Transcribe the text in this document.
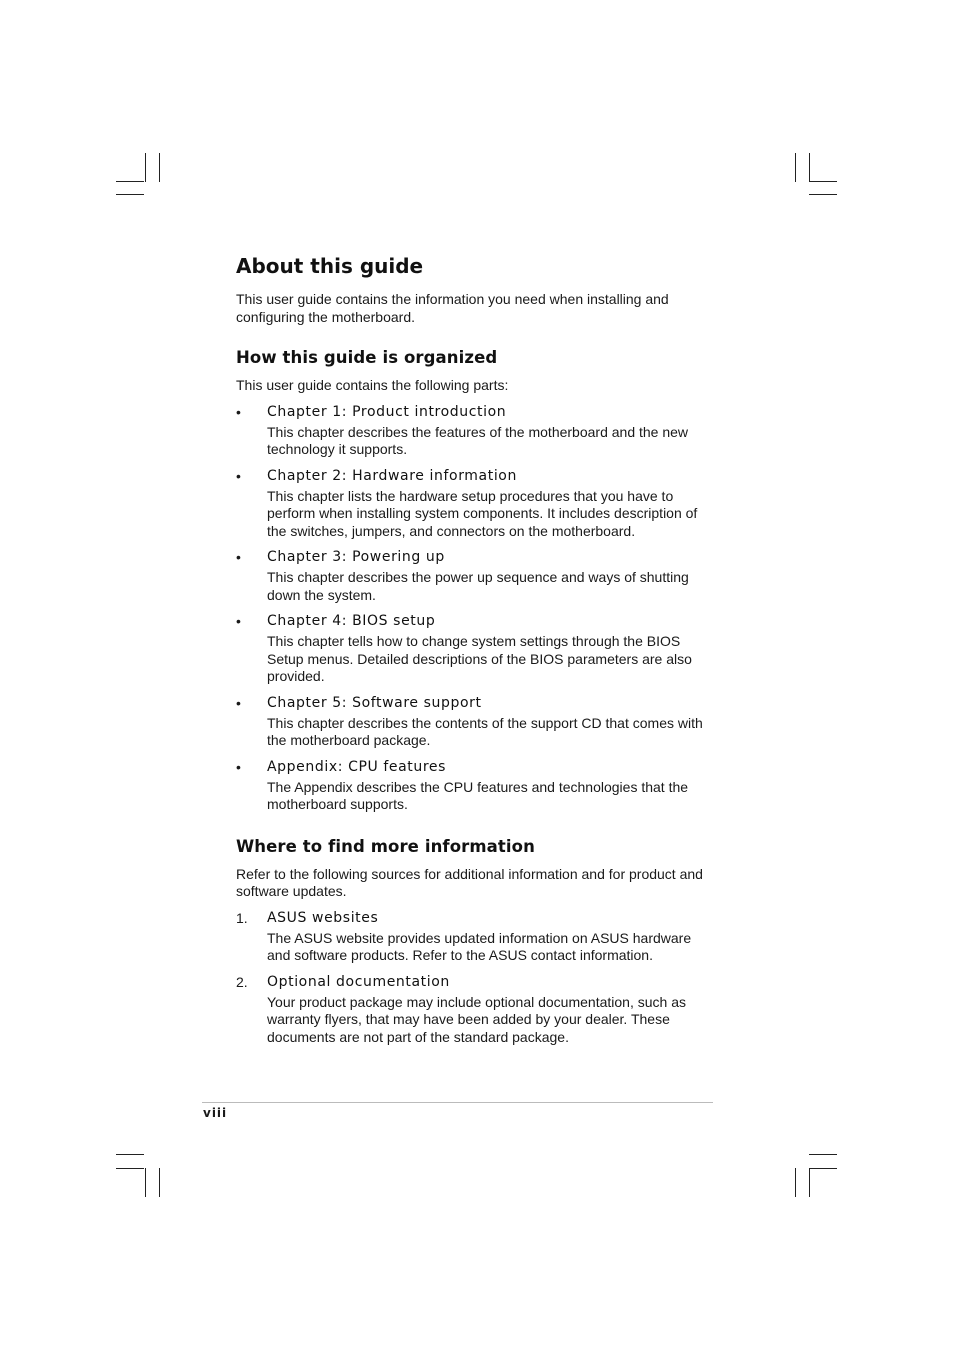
About this guide

This user guide contains the information you need when installing and configuring the motherboard.

How this guide is organized

This user guide contains the following parts:

• Chapter 1: Product introduction

This chapter describes the features of the motherboard and the new technology it supports.

• Chapter 2: Hardware information

This chapter lists the hardware setup procedures that you have to perform when installing system components. It includes description of the switches, jumpers, and connectors on the motherboard.

• Chapter 3: Powering up

This chapter describes the power up sequence and ways of shutting down the system.

• Chapter 4: BIOS setup

This chapter tells how to change system settings through the BIOS Setup menus. Detailed descriptions of the BIOS parameters are also provided.

• Chapter 5: Software support

This chapter describes the contents of the support CD that comes with the motherboard package.

• Appendix: CPU features

The Appendix describes the CPU features and technologies that the motherboard supports.

Where to find more information

Refer to the following sources for additional information and for product and software updates.

1. ASUS websites

The ASUS website provides updated information on ASUS hardware and software products. Refer to the ASUS contact information.

2. Optional documentation

Your product package may include optional documentation, such as warranty flyers, that may have been added by your dealer. These documents are not part of the standard package.

viii
